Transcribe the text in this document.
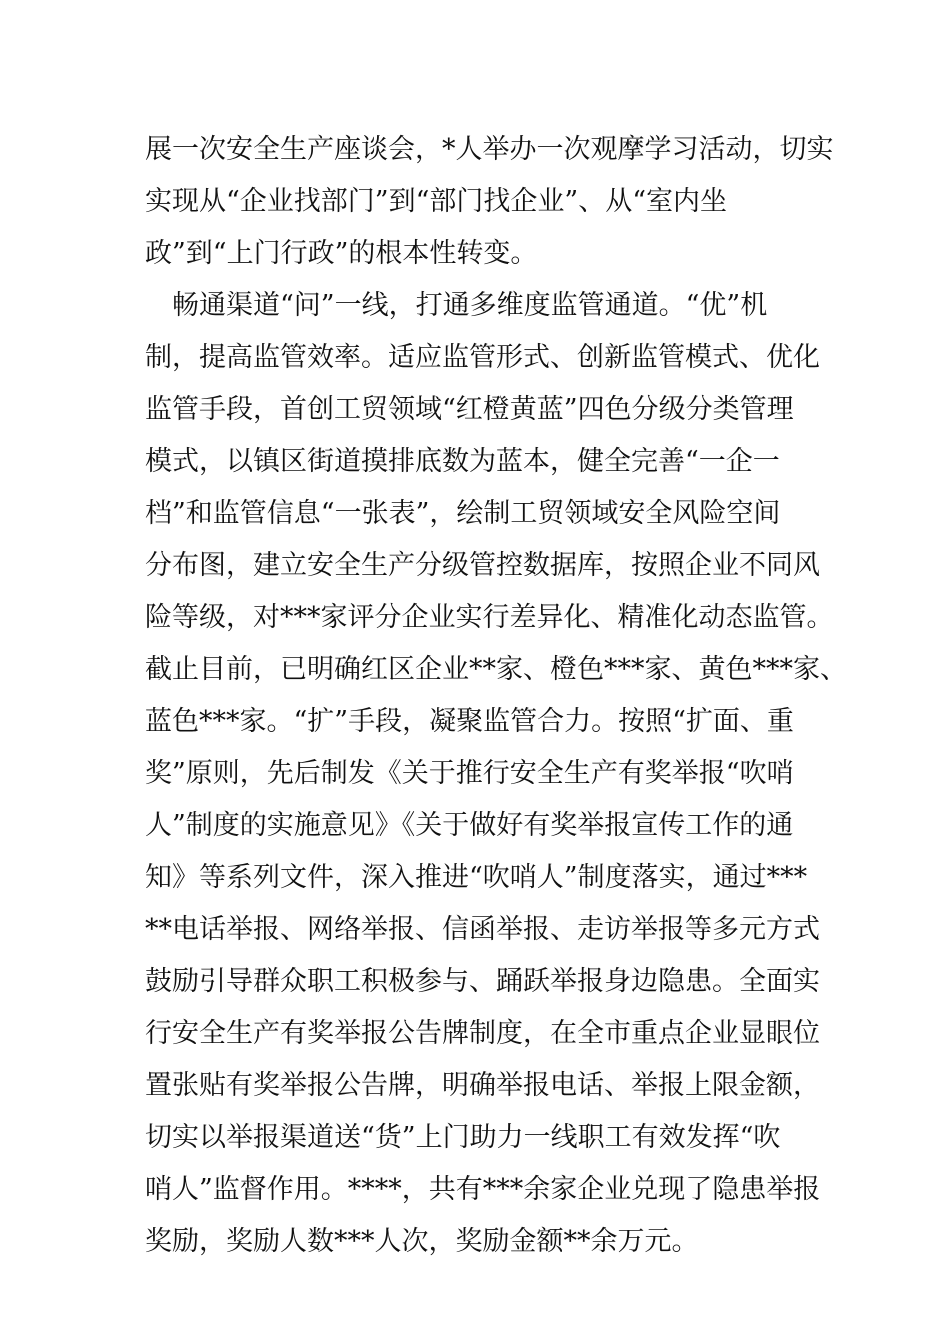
展一次安全生产座谈会，*人举办一次观摩学习活动，切实
实现从“企业找部门”到“部门找企业”、从“室内坐
政”到“上门行政”的根本性转变。
　畅通渠道“问”一线，打通多维度监管通道。“优”机
制，提高监管效率。适应监管形式、创新监管模式、优化
监管手段，首创工贸领域“红橙黄蓝”四色分级分类管理
模式，以镇区街道摸排底数为蓝本，健全完善“一企一
档”和监管信息“一张表”，绘制工贸领域安全风险空间
分布图，建立安全生产分级管控数据库，按照企业不同风
险等级，对***家评分企业实行差异化、精准化动态监管。
截止目前，已明确红区企业**家、橙色***家、黄色***家、
蓝色***家。“扩”手段，凝聚监管合力。按照“扩面、重
奖”原则，先后制发《关于推行安全生产有奖举报“吹哨
人”制度的实施意见》《关于做好有奖举报宣传工作的通
知》等系列文件，深入推进“吹哨人”制度落实，通过***
**电话举报、网络举报、信函举报、走访举报等多元方式
鼓励引导群众职工积极参与、踊跃举报身边隐患。全面实
行安全生产有奖举报公告牌制度，在全市重点企业显眼位
置张贴有奖举报公告牌，明确举报电话、举报上限金额，
切实以举报渠道送“货”上门助力一线职工有效发挥“吹
哨人”监督作用。****，共有***余家企业兑现了隐患举报
奖励，奖励人数***人次，奖励金额**余万元。
